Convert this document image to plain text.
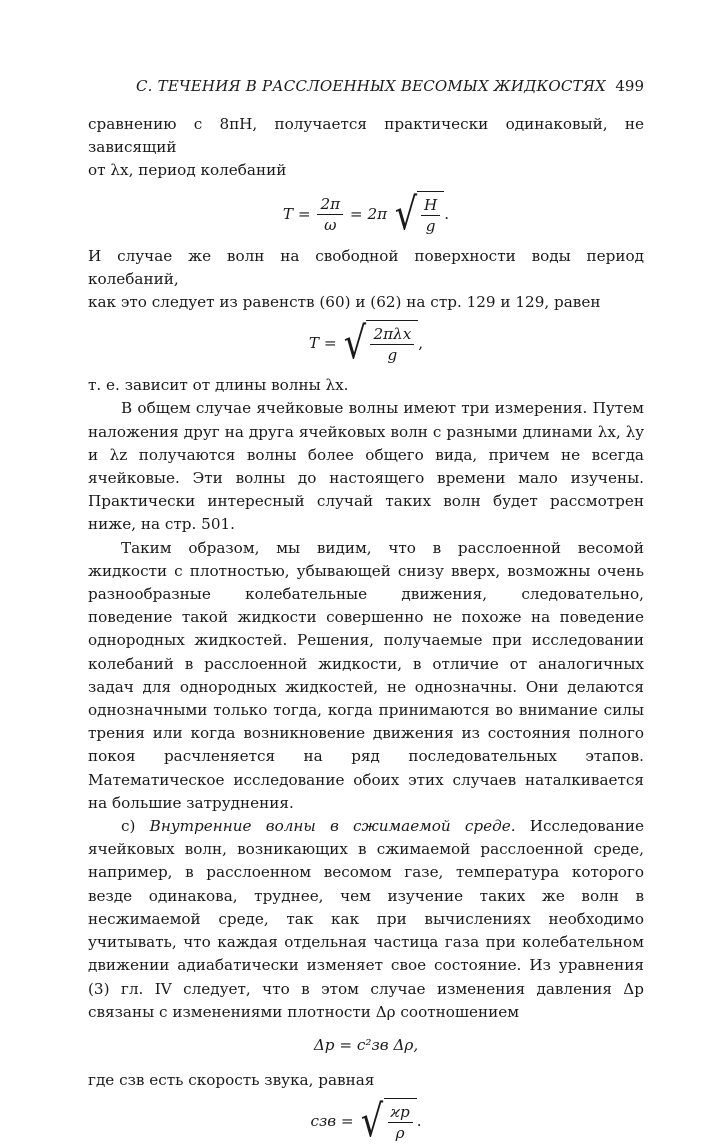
С. ТЕЧЕНИЯ В РАССЛОЕННЫХ ВЕСОМЫХ ЖИДКОСТЯХ 499

сравнению с 8πH, получается практически одинаковый, не зависящий

от λx, период колебаний

$T = \frac{2\pi}{\omega} = 2\pi$ √ $\frac{H}{g}$ .

И случае же волн на свободной поверхности воды период колебаний,

как это следует из равенств (60) и (62) на стр. 129 и 129, равен

T = √ $\frac{\text{2πλx}}{g}$ ,

т. е. зависит от длины волны λx.

В общем случае ячейковые волны имеют три измерения. Путем наложения друг на друга ячейковых волн с разными длинами λx, λy и λz получаются волны более общего вида, причем не всегда ячейковые. Эти волны до настоящего времени мало изучены. Практически интересный случай таких волн будет рассмотрен ниже, на стр. 501.

Таким образом, мы видим, что в расслоенной весомой жидкости с плотностью, убывающей снизу вверх, возможны очень разнообразные колебательные движения, следовательно, поведение такой жидкости совершенно не похоже на поведение однородных жидкостей. Решения, получаемые при исследовании колебаний в расслоенной жидкости, в отличие от аналогичных задач для однородных жидкостей, не однозначны. Они делаются однозначными только тогда, когда принимаются во внимание силы трения или когда возникновение движения из состояния полного покоя расчленяется на ряд последовательных этапов. Математическое исследование обоих этих случаев наталкивается на большие затруднения.

c) Внутренние волны в сжимаемой среде. Исследование ячейковых волн, возникающих в сжимаемой расслоенной среде, например, в расслоенном весомом газе, температура которого везде одинакова, труднее, чем изучение таких же волн в несжимаемой среде, так как при вычислениях необходимо учитывать, что каждая отдельная частица газа при колебательном движении адиабатически изменяет свое состояние. Из уравнения (3) гл. IV следует, что в этом случае изменения давления Δp связаны с изменениями плотности Δρ соотношением

Δp = c²зв Δρ,

где cзв есть скорость звука, равная

cзв = √ $\frac{ϰp}{\rho}$ .
